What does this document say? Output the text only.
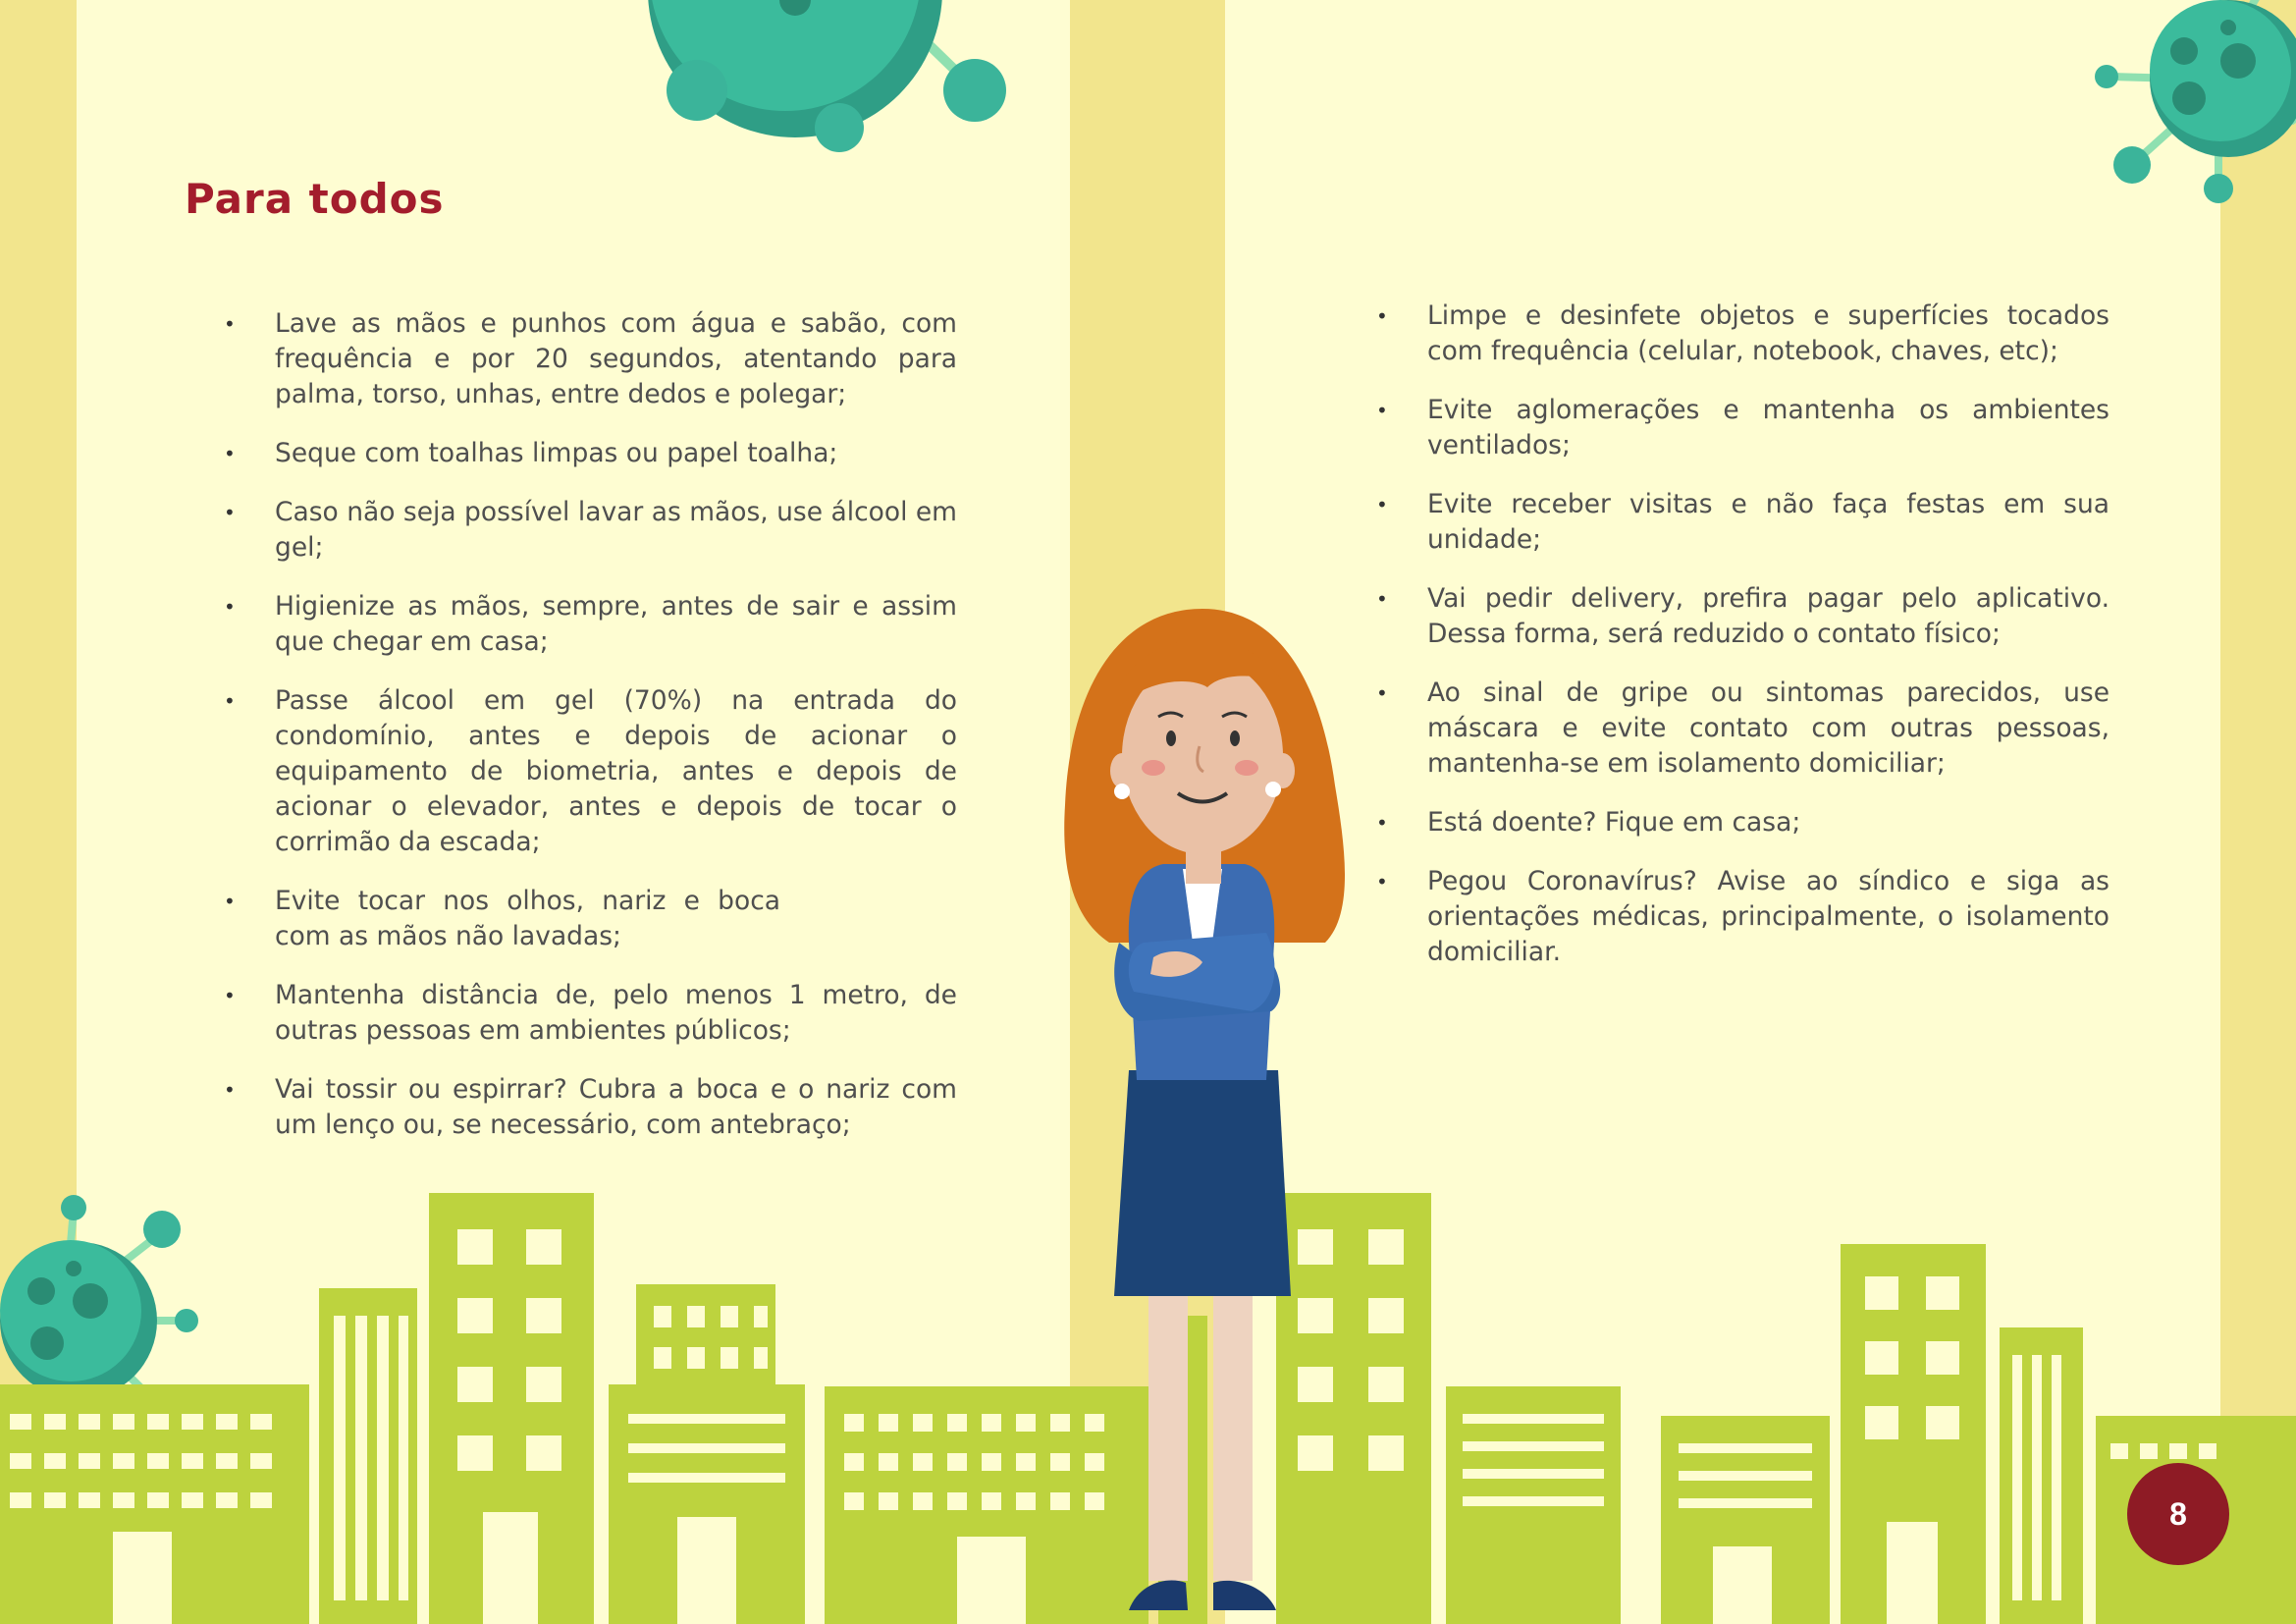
Para todos
• Lave as mãos e punhos com água e sabão, com frequência e por 20 segundos, atentando para palma, torso, unhas, entre dedos e polegar;
• Seque com toalhas limpas ou papel toalha;
• Caso não seja possível lavar as mãos, use álcool em gel;
• Higienize as mãos, sempre, antes de sair e assim que chegar em casa;
• Passe álcool em gel (70%) na entrada do condomínio, antes e depois de acionar o equipamento de biometria, antes e depois de acionar o elevador, antes e depois de tocar o corrimão da escada;
• Evite tocar nos olhos, nariz e boca com as mãos não lavadas;
• Mantenha distância de, pelo menos 1 metro, de outras pessoas em ambientes públicos;
• Vai tossir ou espirrar? Cubra a boca e o nariz com um lenço ou, se necessário, com antebraço;
• Limpe e desinfete objetos e superfícies tocados com frequência (celular, notebook, chaves, etc);
• Evite aglomerações e mantenha os ambientes ventilados;
• Evite receber visitas e não faça festas em sua unidade;
• Vai pedir delivery, prefira pagar pelo aplicativo. Dessa forma, será reduzido o contato físico;
• Ao sinal de gripe ou sintomas parecidos, use máscara e evite contato com outras pessoas, mantenha-se em isolamento domiciliar;
• Está doente? Fique em casa;
• Pegou Coronavírus? Avise ao síndico e siga as orientações médicas, principalmente, o isolamento domiciliar.
8
